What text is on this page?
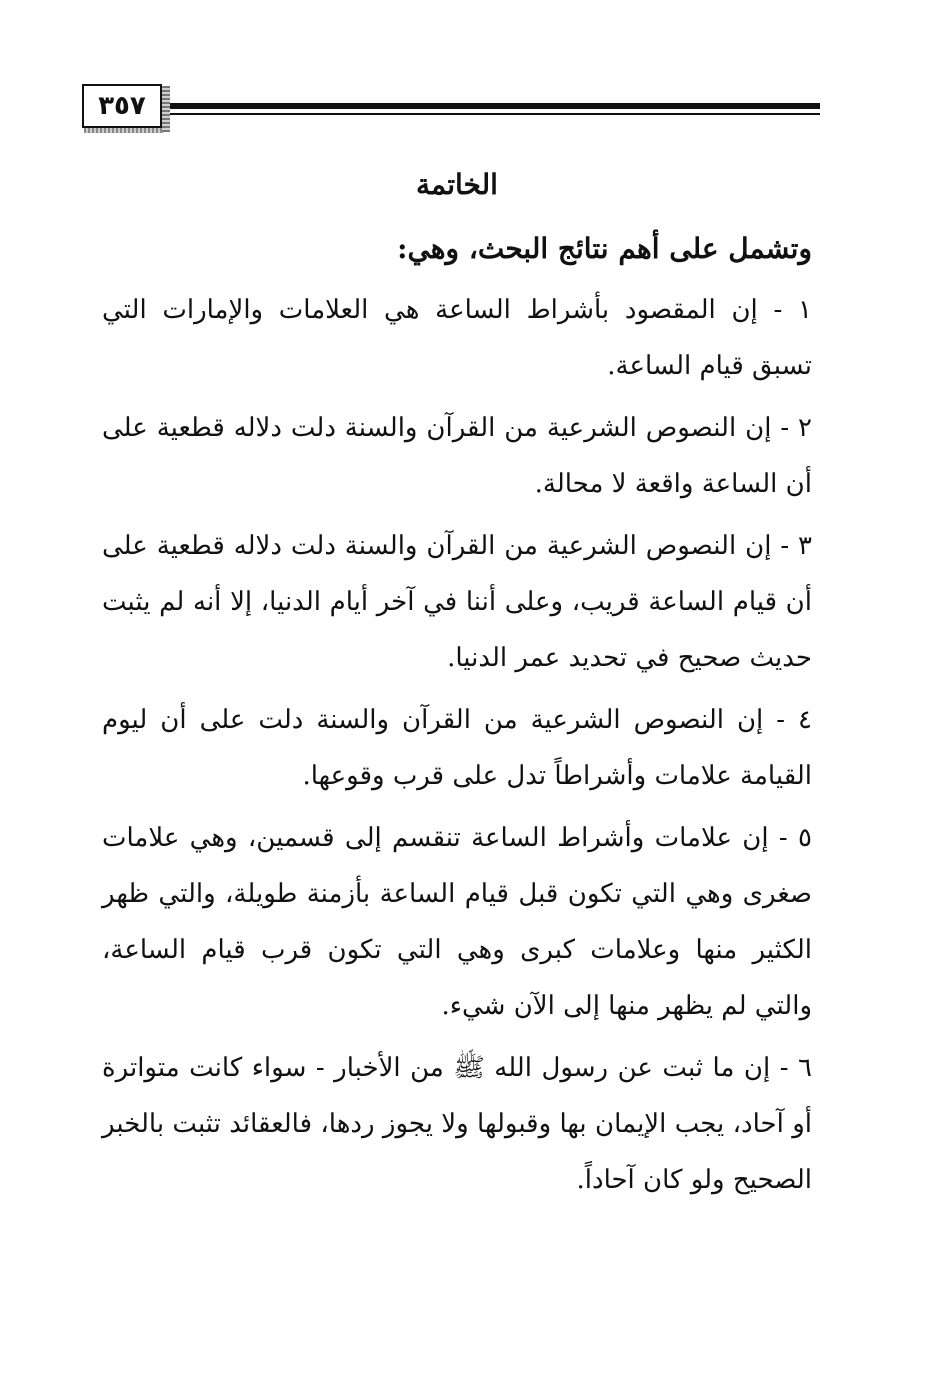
٣٥٧
الخاتمة

وتشمل على أهم نتائج البحث، وهي:

١ - إن المقصود بأشراط الساعة هي العلامات والإمارات التي تسبق قيام الساعة.

٢ - إن النصوص الشرعية من القرآن والسنة دلت دلاله قطعية على أن الساعة واقعة لا محالة.

٣ - إن النصوص الشرعية من القرآن والسنة دلت دلاله قطعية على أن قيام الساعة قريب، وعلى أننا في آخر أيام الدنيا، إلا أنه لم يثبت حديث صحيح في تحديد عمر الدنيا.

٤ - إن النصوص الشرعية من القرآن والسنة دلت على أن ليوم القيامة علامات وأشراطاً تدل على قرب وقوعها.

٥ - إن علامات وأشراط الساعة تنقسم إلى قسمين، وهي علامات صغرى وهي التي تكون قبل قيام الساعة بأزمنة طويلة، والتي ظهر الكثير منها وعلامات كبرى وهي التي تكون قرب قيام الساعة، والتي لم يظهر منها إلى الآن شيء.

٦ - إن ما ثبت عن رسول الله ﷺ من الأخبار - سواء كانت متواترة أو آحاد، يجب الإيمان بها وقبولها ولا يجوز ردها، فالعقائد تثبت بالخبر الصحيح ولو كان آحاداً.
